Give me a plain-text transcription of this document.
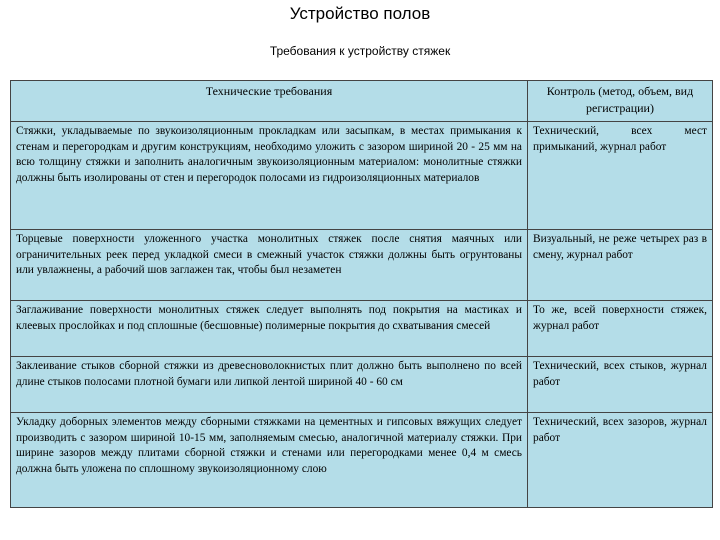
Устройство полов
Требования к устройству стяжек
Технические требования	Контроль (метод, объем, вид регистрации)
Стяжки, укладываемые по звукоизоляционным прокладкам или засыпкам, в местах примыкания к стенам и перегородкам и другим конструкциям, необходимо уложить с зазором шириной 20 - 25 мм на всю толщину стяжки и заполнить аналогичным звукоизоляционным материалом: монолитные стяжки должны быть изолированы от стен и перегородок полосами из гидроизоляционных материалов	Технический, всех мест примыканий, журнал работ
Торцевые поверхности уложенного участка монолитных стяжек после снятия маячных или ограничительных реек перед укладкой смеси в смежный участок стяжки должны быть огрунтованы или увлажнены, а рабочий шов заглажен так, чтобы был незаметен	Визуальный, не реже четырех раз в смену, журнал работ
Заглаживание поверхности монолитных стяжек следует выполнять под покрытия на мастиках и клеевых прослойках и под сплошные (бесшовные) полимерные покрытия до схватывания смесей	То же, всей поверхности стяжек, журнал работ
Заклеивание стыков сборной стяжки из древесноволокнистых плит должно быть выполнено по всей длине стыков полосами плотной бумаги или липкой лентой шириной 40 - 60 см	Технический, всех стыков, журнал работ
Укладку доборных элементов между сборными стяжками на цементных и гипсовых вяжущих следует производить с зазором шириной 10-15 мм, заполняемым смесью, аналогичной материалу стяжки. При ширине зазоров между плитами сборной стяжки и стенами или перегородками менее 0,4 м смесь должна быть уложена по сплошному звукоизоляционному слою	Технический, всех зазоров, журнал работ
